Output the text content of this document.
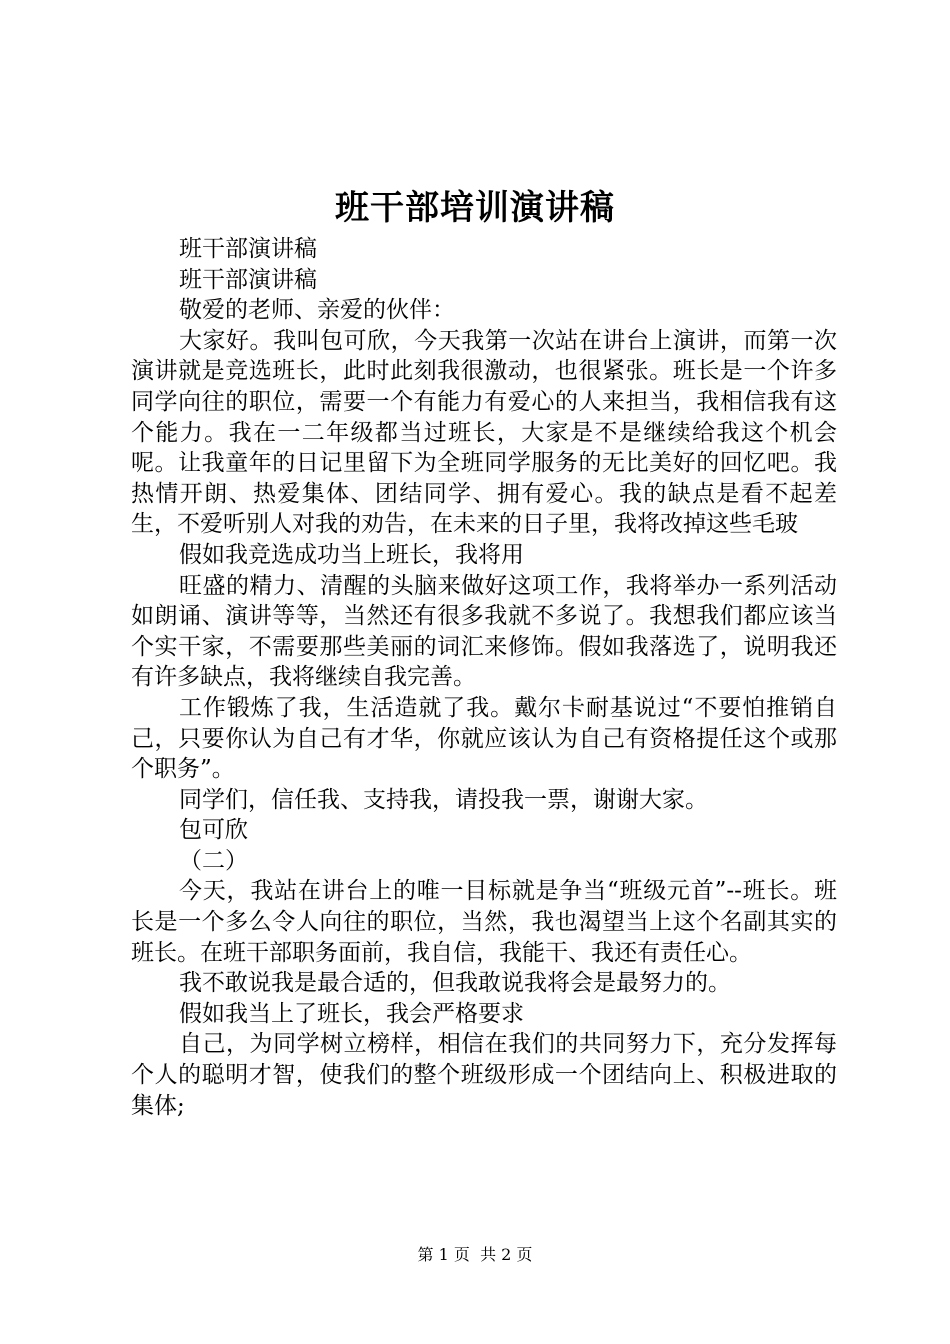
班干部培训演讲稿

班干部演讲稿

班干部演讲稿

敬爱的老师、亲爱的伙伴：

大家好。我叫包可欣，今天我第一次站在讲台上演讲，而第一次演讲就是竞选班长，此时此刻我很激动，也很紧张。班长是一个许多同学向往的职位，需要一个有能力有爱心的人来担当，我相信我有这个能力。我在一二年级都当过班长，大家是不是继续给我这个机会呢。让我童年的日记里留下为全班同学服务的无比美好的回忆吧。我热情开朗、热爱集体、团结同学、拥有爱心。我的缺点是看不起差生，不爱听别人对我的劝告，在未来的日子里，我将改掉这些毛玻

假如我竞选成功当上班长，我将用

旺盛的精力、清醒的头脑来做好这项工作，我将举办一系列活动如朗诵、演讲等等，当然还有很多我就不多说了。我想我们都应该当个实干家，不需要那些美丽的词汇来修饰。假如我落选了，说明我还有许多缺点，我将继续自我完善。

工作锻炼了我，生活造就了我。戴尔卡耐基说过“不要怕推销自己，只要你认为自己有才华，你就应该认为自己有资格提任这个或那个职务”。

同学们，信任我、支持我，请投我一票，谢谢大家。

包可欣

（二）

今天，我站在讲台上的唯一目标就是争当“班级元首”--班长。班长是一个多么令人向往的职位，当然，我也渴望当上这个名副其实的班长。在班干部职务面前，我自信，我能干、我还有责任心。

我不敢说我是最合适的，但我敢说我将会是最努力的。

假如我当上了班长，我会严格要求

自己，为同学树立榜样，相信在我们的共同努力下，充分发挥每个人的聪明才智，使我们的整个班级形成一个团结向上、积极进取的集体;

第 1 页  共 2 页
